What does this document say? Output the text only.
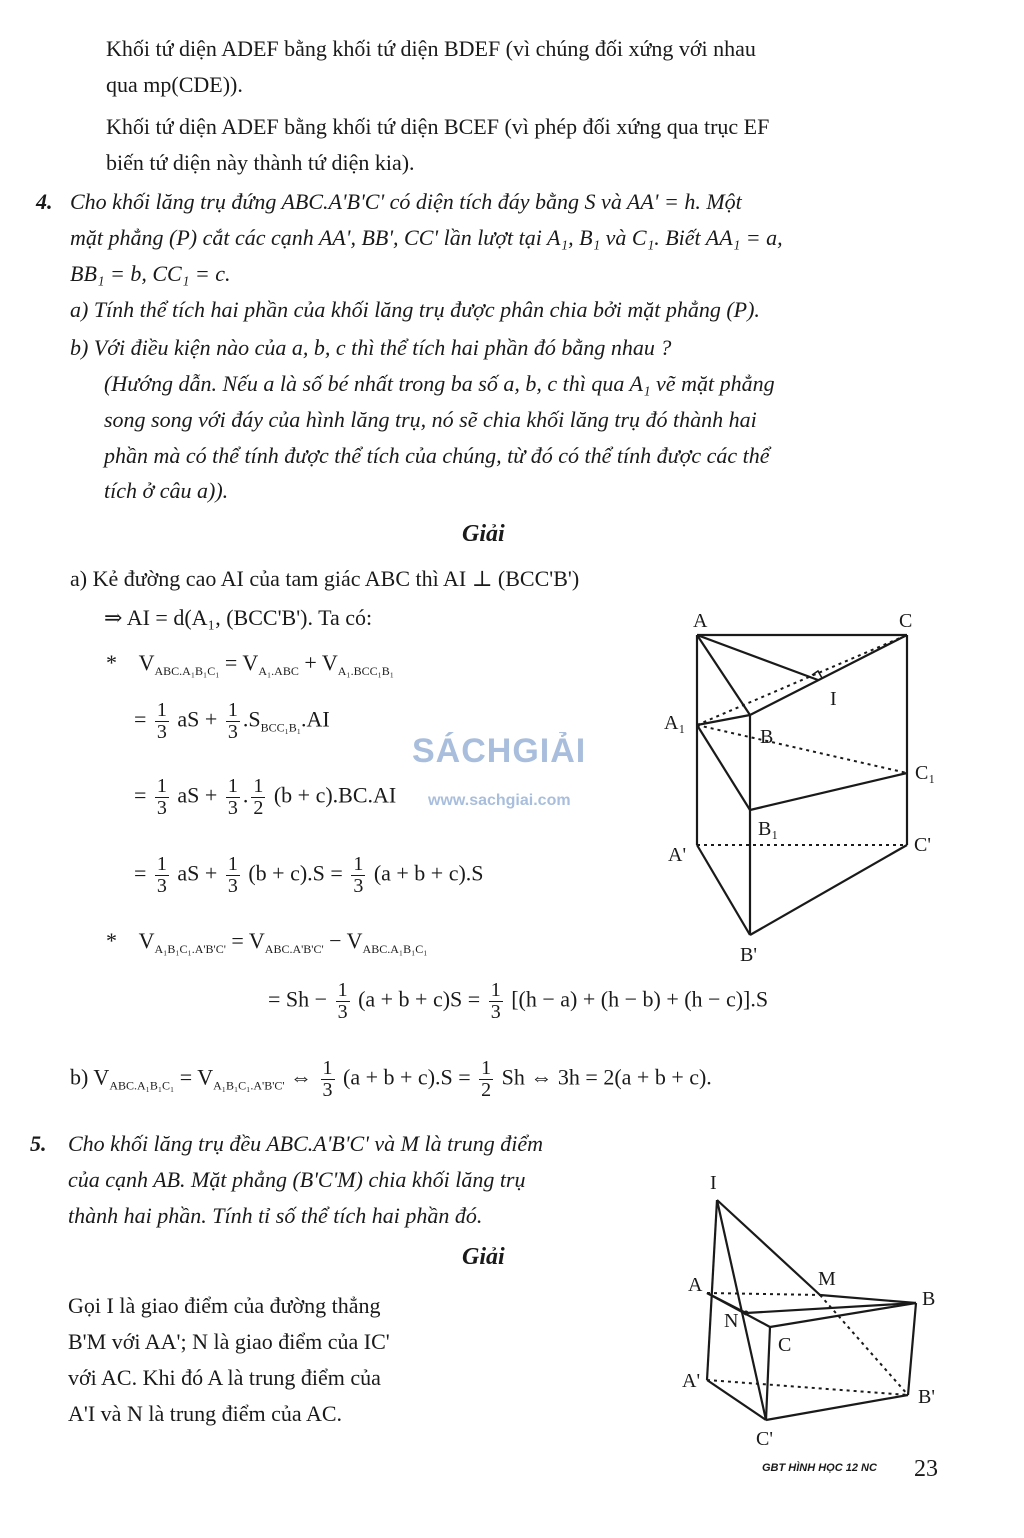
Khối tứ diện ADEF bằng khối tứ diện BDEF (vì chúng đối xứng với nhau
qua mp(CDE)).
Khối tứ diện ADEF bằng khối tứ diện BCEF (vì phép đối xứng qua trục EF
biến tứ diện này thành tứ diện kia).
4. Cho khối lăng trụ đứng ABC.A'B'C' có diện tích đáy bằng S và AA' = h. Một
mặt phẳng (P) cắt các cạnh AA', BB', CC' lần lượt tại A₁, B₁ và C₁. Biết AA₁ = a,
BB₁ = b, CC₁ = c.
a) Tính thể tích hai phần của khối lăng trụ được phân chia bởi mặt phẳng (P).
b) Với điều kiện nào của a, b, c thì thể tích hai phần đó bằng nhau ?
(Hướng dẫn. Nếu a là số bé nhất trong ba số a, b, c thì qua A₁ vẽ mặt phẳng
song song với đáy của hình lăng trụ, nó sẽ chia khối lăng trụ đó thành hai
phần mà có thể tính được thể tích của chúng, từ đó có thể tính được các thể
tích ở câu a)).
Giải
a) Kẻ đường cao AI của tam giác ABC thì AI ⊥ (BCC'B')
⇒ AI = d(A₁, (BCC'B'). Ta có:
* $V_{ABC.A_1B_1C_1} = V_{A_1.ABC} + V_{A_1.BCC_1B_1}$
= $\frac{1}{3}$ aS + $\frac{1}{3} .S_{BCC_1B_1}.AI$
= $\frac{1}{3}$ aS + $\frac{1}{3}$ . $\frac{1}{2} (b + c).BC.AI$
= $\frac{1}{3}$ aS + $\frac{1}{3} (b + c).S = \frac{1}{3} (a + b + c).S$
* $V_{A_1B_1C_1.A'B'C'} = V_{ABC.A'B'C'} - V_{ABC.A_1B_1C_1}$
= $Sh - \frac{1}{3} (a + b + c)S = \frac{1}{3} [(h - a) + (h - b) + (h - c)].S$
b) $V_{ABC.A_1B_1C_1} = V_{A_1B_1C_1.A'B'C'}$ ⇔ $\frac{1}{3} (a + b + c).S = \frac{1}{2}$ Sh ⇔ 3h = 2(a + b + c).
A	C
I
A₁
B
C₁
B₁
A'	C'
B'
SÁCHGIẢI
www.sachgiai.com
5. Cho khối lăng trụ đều ABC.A'B'C' và M là trung điểm
của cạnh AB. Mặt phẳng (B'C'M) chia khối lăng trụ
thành hai phần. Tính tỉ số thể tích hai phần đó.
Giải
Gọi I là giao điểm của đường thẳng
B'M với AA'; N là giao điểm của IC'
với AC. Khi đó A là trung điểm của
A'I và N là trung điểm của AC.
I
A	M
B
N
C
A'
B'
C'
GBT HÌNH HỌC 12 NC 23
